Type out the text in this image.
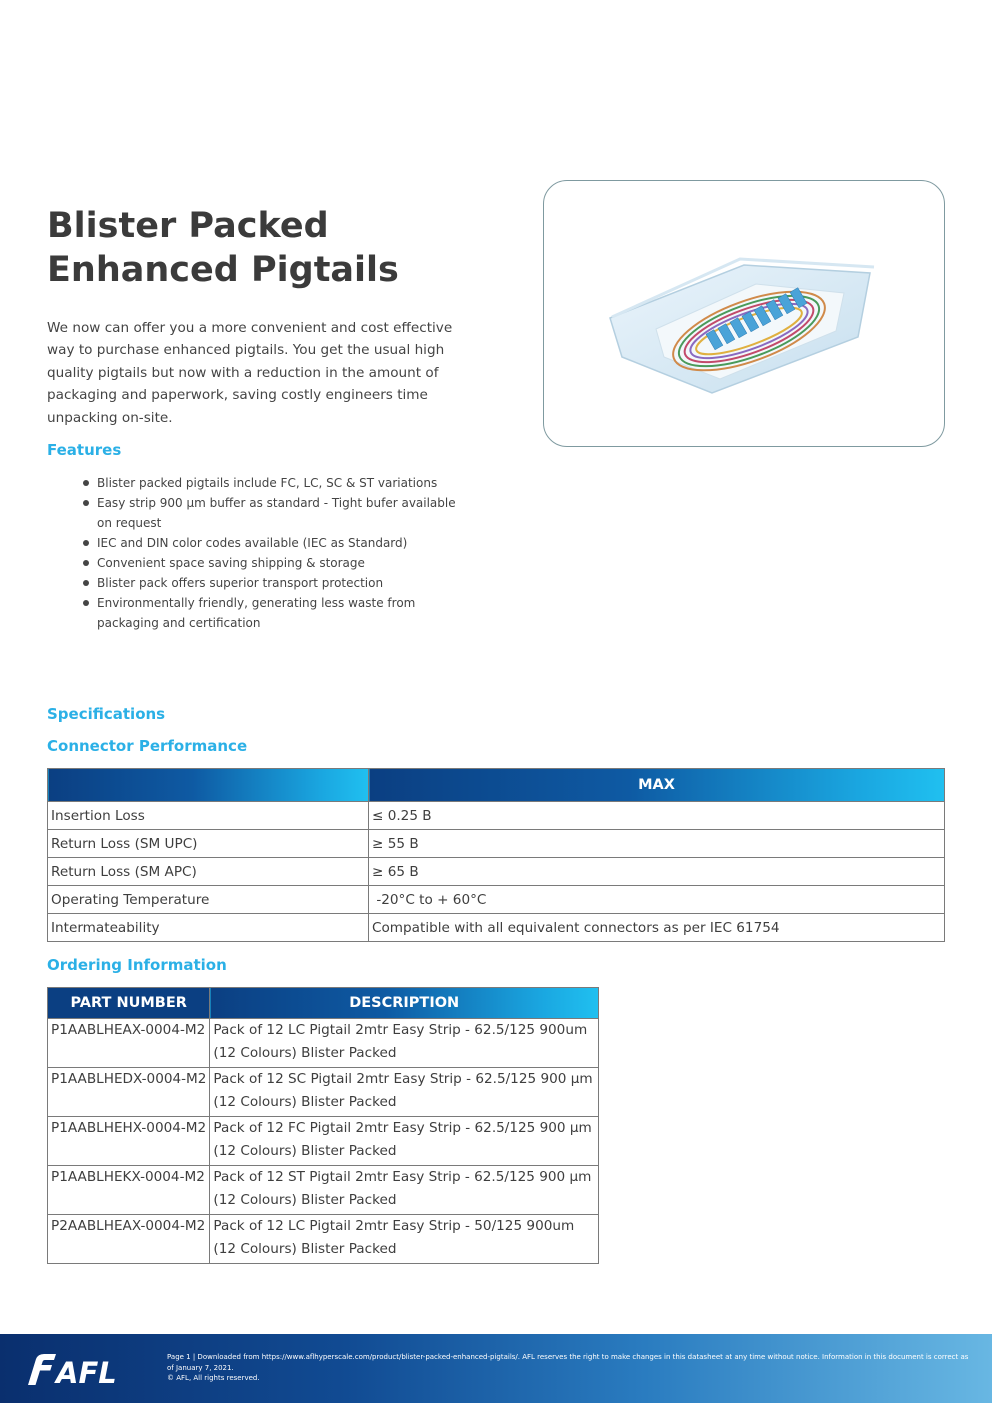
Blister Packed
Enhanced Pigtails

We now can offer you a more convenient and cost effective way to purchase enhanced pigtails. You get the usual high quality pigtails but now with a reduction in the amount of packaging and paperwork, saving costly engineers time unpacking on-site.

Features
Blister packed pigtails include FC, LC, SC & ST variations
Easy strip 900 µm buffer as standard - Tight bufer available on request
IEC and DIN color codes available (IEC as Standard)
Convenient space saving shipping & storage
Blister pack offers superior transport protection
Environmentally friendly, generating less waste from packaging and certification
Specifications
Connector Performance
	MAX
Insertion Loss	≤ 0.25 B
Return Loss (SM UPC)	≥ 55 B
Return Loss (SM APC)	≥ 65 B
Operating Temperature	-20°C to + 60°C
Intermateability	Compatible with all equivalent connectors as per IEC 61754
Ordering Information
PART NUMBER	DESCRIPTION
P1AABLHEAX-0004-M2	Pack of 12 LC Pigtail 2mtr Easy Strip - 62.5/125 900um (12 Colours) Blister Packed
P1AABLHEDX-0004-M2	Pack of 12 SC Pigtail 2mtr Easy Strip - 62.5/125 900 µm (12 Colours) Blister Packed
P1AABLHEHX-0004-M2	Pack of 12 FC Pigtail 2mtr Easy Strip - 62.5/125 900 µm (12 Colours) Blister Packed
P1AABLHEKX-0004-M2	Pack of 12 ST Pigtail 2mtr Easy Strip - 62.5/125 900 µm (12 Colours) Blister Packed
P2AABLHEAX-0004-M2	Pack of 12 LC Pigtail 2mtr Easy Strip - 50/125 900um (12 Colours) Blister Packed
AFL	Page 1 | Downloaded from https://www.aflhyperscale.com/product/blister-packed-enhanced-pigtails/. AFL reserves the right to make changes in this datasheet at any time without notice. Information in this document is correct as of January 7, 2021.
© AFL, All rights reserved.
